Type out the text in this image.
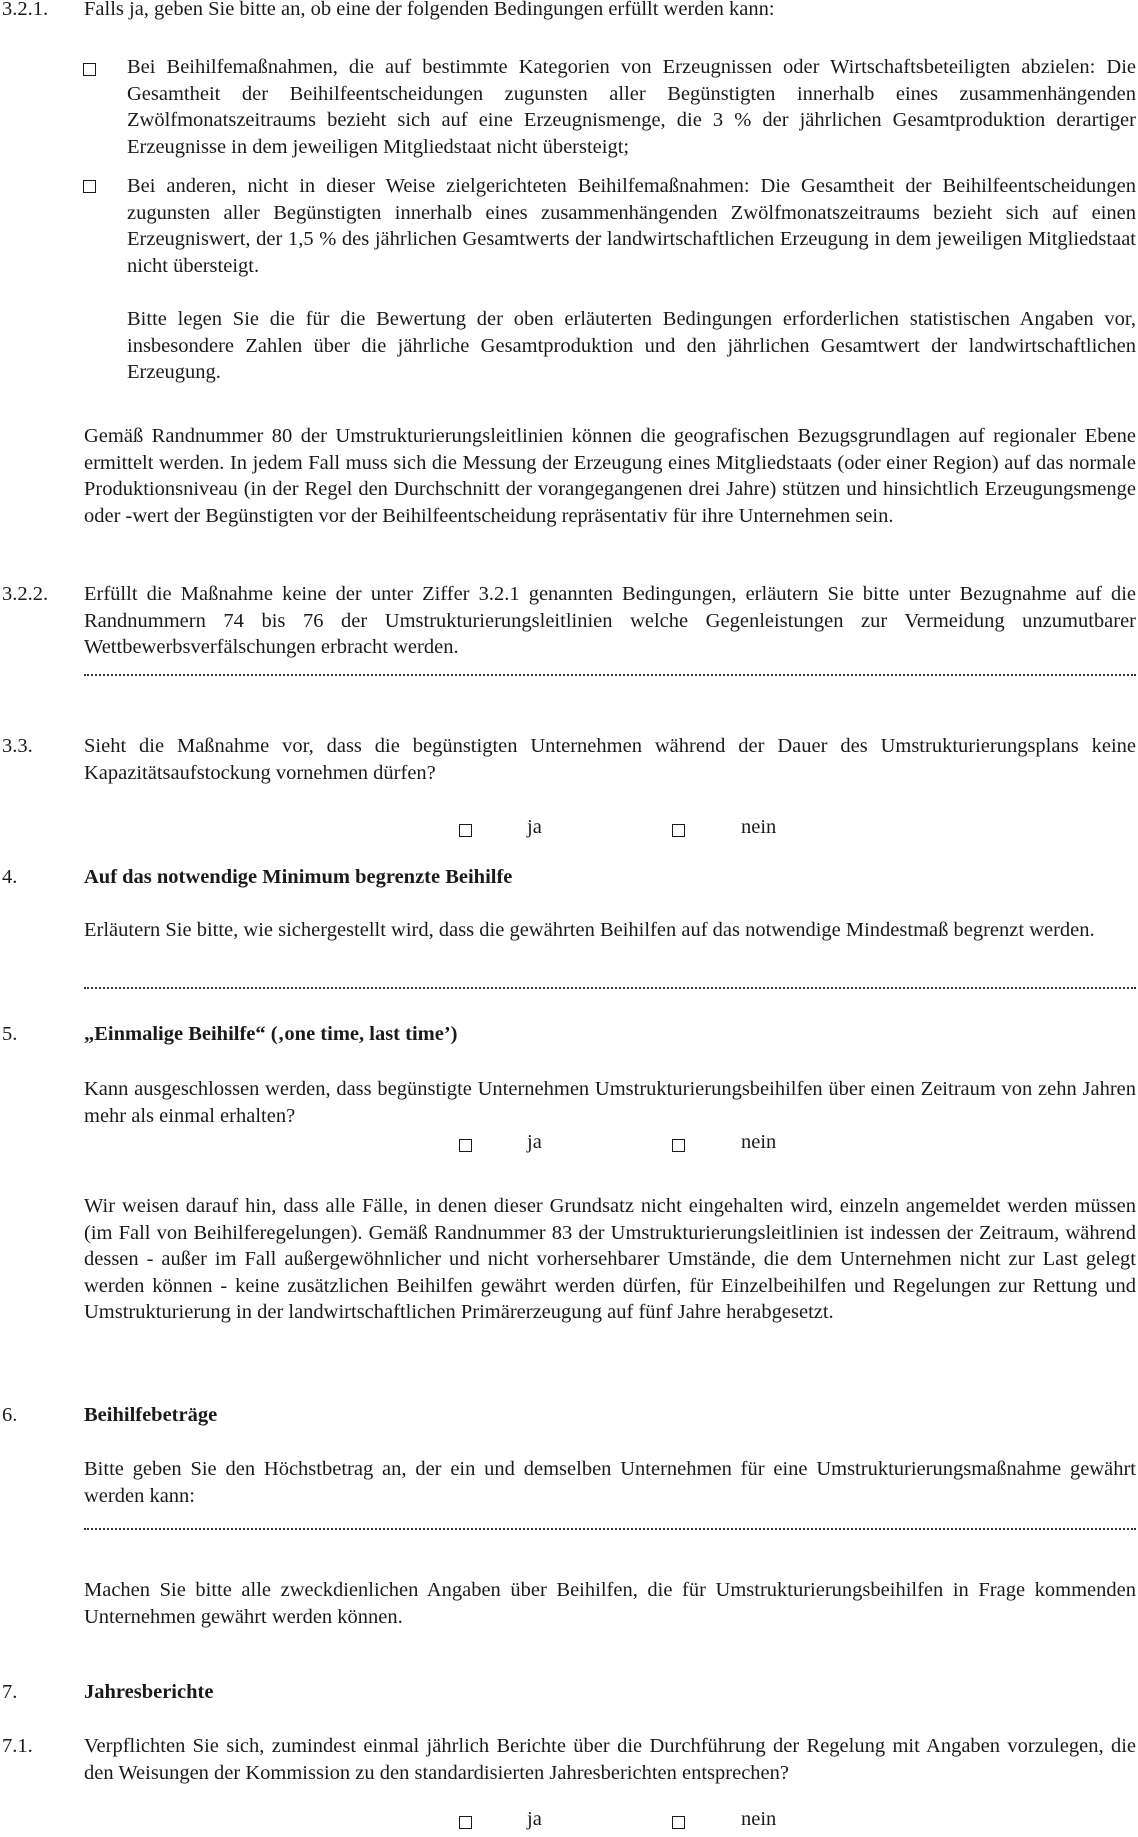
3.2.1. Falls ja, geben Sie bitte an, ob eine der folgenden Bedingungen erfüllt werden kann:
Bei Beihilfemaßnahmen, die auf bestimmte Kategorien von Erzeugnissen oder Wirtschaftsbeteiligten abzielen: Die Gesamtheit der Beihilfeentscheidungen zugunsten aller Begünstigten innerhalb eines zusammenhängenden Zwölfmonatszeitraums bezieht sich auf eine Erzeugnismenge, die 3 % der jährlichen Gesamtproduktion derartiger Erzeugnisse in dem jeweiligen Mitgliedstaat nicht übersteigt;
Bei anderen, nicht in dieser Weise zielgerichteten Beihilfemaßnahmen: Die Gesamtheit der Beihilfeentscheidungen zugunsten aller Begünstigten innerhalb eines zusammenhängenden Zwölfmonatszeitraums bezieht sich auf einen Erzeugniswert, der 1,5 % des jährlichen Gesamtwerts der landwirtschaftlichen Erzeugung in dem jeweiligen Mitgliedstaat nicht übersteigt.
Bitte legen Sie die für die Bewertung der oben erläuterten Bedingungen erforderlichen statistischen Angaben vor, insbesondere Zahlen über die jährliche Gesamtproduktion und den jährlichen Gesamtwert der landwirtschaftlichen Erzeugung.
Gemäß Randnummer 80 der Umstrukturierungsleitlinien können die geografischen Bezugsgrundlagen auf regionaler Ebene ermittelt werden. In jedem Fall muss sich die Messung der Erzeugung eines Mitgliedstaats (oder einer Region) auf das normale Produktionsniveau (in der Regel den Durchschnitt der vorangegangenen drei Jahre) stützen und hinsichtlich Erzeugungsmenge oder -wert der Begünstigten vor der Beihilfeentscheidung repräsentativ für ihre Unternehmen sein.
3.2.2. Erfüllt die Maßnahme keine der unter Ziffer 3.2.1 genannten Bedingungen, erläutern Sie bitte unter Bezugnahme auf die Randnummern 74 bis 76 der Umstrukturierungsleitlinien welche Gegenleistungen zur Vermeidung unzumutbarer Wettbewerbsverfälschungen erbracht werden.
3.3.	Sieht die Maßnahme vor, dass die begünstigten Unternehmen während der Dauer des Umstrukturierungsplans keine Kapazitätsaufstockung vornehmen dürfen?
ja	nein
4.	Auf das notwendige Minimum begrenzte Beihilfe
Erläutern Sie bitte, wie sichergestellt wird, dass die gewährten Beihilfen auf das notwendige Mindestmaß begrenzt werden.
5.	„Einmalige Beihilfe“ (‚one time, last time’)
Kann ausgeschlossen werden, dass begünstigte Unternehmen Umstrukturierungsbeihilfen über einen Zeitraum von zehn Jahren mehr als einmal erhalten?
ja	nein
Wir weisen darauf hin, dass alle Fälle, in denen dieser Grundsatz nicht eingehalten wird, einzeln angemeldet werden müssen (im Fall von Beihilferegelungen). Gemäß Randnummer 83 der Umstrukturierungsleitlinien ist indessen der Zeitraum, während dessen - außer im Fall außergewöhnlicher und nicht vorhersehbarer Umstände, die dem Unternehmen nicht zur Last gelegt werden können - keine zusätzlichen Beihilfen gewährt werden dürfen, für Einzelbeihilfen und Regelungen zur Rettung und Umstrukturierung in der landwirtschaftlichen Primärerzeugung auf fünf Jahre herabgesetzt.
6.	Beihilfebeträge
Bitte geben Sie den Höchstbetrag an, der ein und demselben Unternehmen für eine Umstrukturierungsmaßnahme gewährt werden kann:
Machen Sie bitte alle zweckdienlichen Angaben über Beihilfen, die für Umstrukturierungsbeihilfen in Frage kommenden Unternehmen gewährt werden können.
7.	Jahresberichte
7.1.	Verpflichten Sie sich, zumindest einmal jährlich Berichte über die Durchführung der Regelung mit Angaben vorzulegen, die den Weisungen der Kommission zu den standardisierten Jahresberichten entsprechen?
ja	nein
